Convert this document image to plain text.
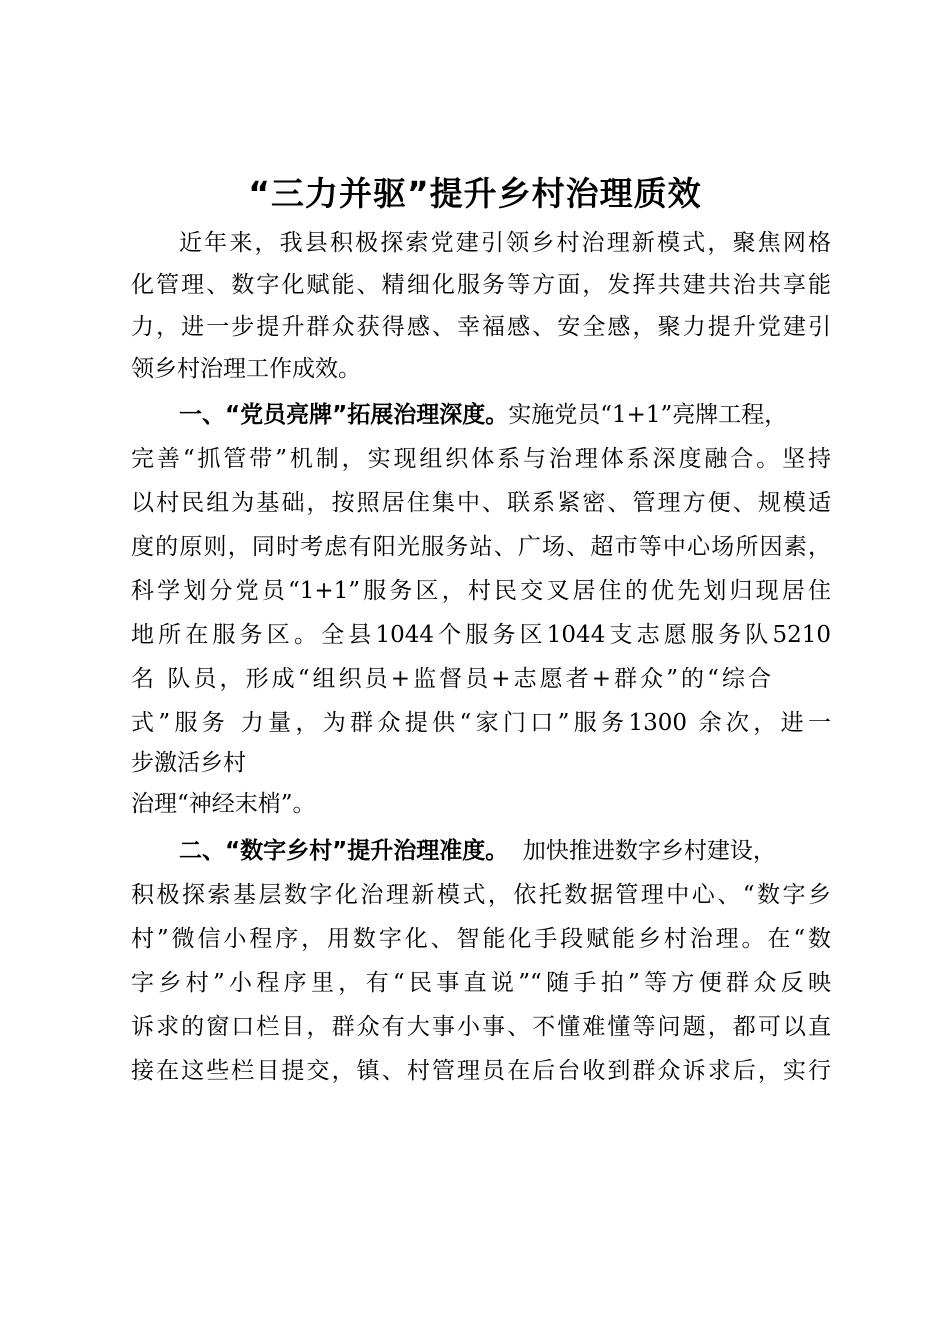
“三力并驱”提升乡村治理质效
近年来，我县积极探索党建引领乡村治理新模式，聚焦网格
化管理、数字化赋能、精细化服务等方面，发挥共建共治共享能
力，进一步提升群众获得感、幸福感、安全感，聚力提升党建引
领乡村治理工作成效。
一、“党员亮牌”拓展治理深度。实施党员“1+1”亮牌工程，
完善“抓管带”机制，实现组织体系与治理体系深度融合。坚持
以村民组为基础，按照居住集中、联系紧密、管理方便、规模适
度的原则，同时考虑有阳光服务站、广场、超市等中心场所因素，
科学划分党员“1+1”服务区，村民交叉居住的优先划归现居住
地所在服务区。全县1044个服务区1044支志愿服务队5210
名 队员，形成“组织员+监督员+志愿者+群众”的“综合
式”服务 力量，为群众提供“家门口”服务1300 余次，进一
步激活乡村
治理“神经末梢”。
二、“数字乡村”提升治理准度。  加快推进数字乡村建设，
积极探索基层数字化治理新模式，依托数据管理中心、“数字乡
村”微信小程序，用数字化、智能化手段赋能乡村治理。在“数
字乡村”小程序里，有“民事直说”“随手拍”等方便群众反映
诉求的窗口栏目，群众有大事小事、不懂难懂等问题，都可以直
接在这些栏目提交，镇、村管理员在后台收到群众诉求后，实行
